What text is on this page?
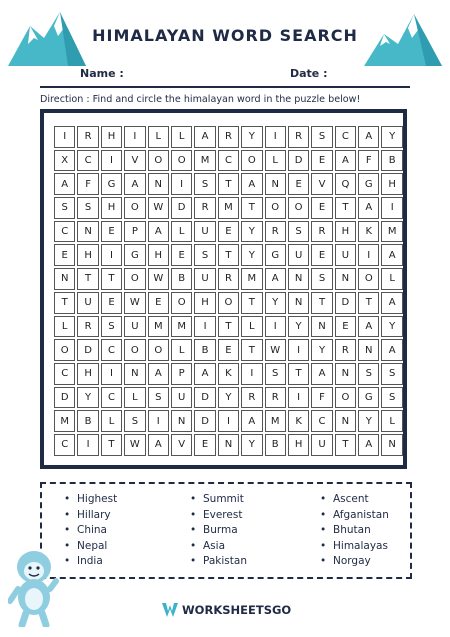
HIMALAYAN WORD SEARCH
Name :	Date :
Direction : Find and circle the himalayan word in the puzzle below!
I	R	H	I	L	L	A	R	Y	I	R	S	C	A	Y
X	C	I	V	O	O	M	C	O	L	D	E	A	F	B
A	F	G	A	N	I	S	T	A	N	E	V	Q	G	H
S	S	H	O	W	D	R	M	T	O	O	E	T	A	I
C	N	E	P	A	L	U	E	Y	R	S	R	H	K	M
E	H	I	G	H	E	S	T	Y	G	U	E	U	I	A
N	T	T	O	W	B	U	R	M	A	N	S	N	O	L
T	U	E	W	E	O	H	O	T	Y	N	T	D	T	A
L	R	S	U	M	M	I	T	L	I	Y	N	E	A	Y
O	D	C	O	O	L	B	E	T	W	I	Y	R	N	A
C	H	I	N	A	P	A	K	I	S	T	A	N	S	S
D	Y	C	L	S	U	D	Y	R	R	I	F	O	G	S
M	B	L	S	I	N	D	I	A	M	K	C	N	Y	L
C	I	T	W	A	V	E	N	Y	B	H	U	T	A	N
• Highest
• Hillary
• China
• Nepal
• India
• Summit
• Everest
• Burma
• Asia
• Pakistan
• Ascent
• Afganistan
• Bhutan
• Himalayas
• Norgay
WORKSHEETSGO
